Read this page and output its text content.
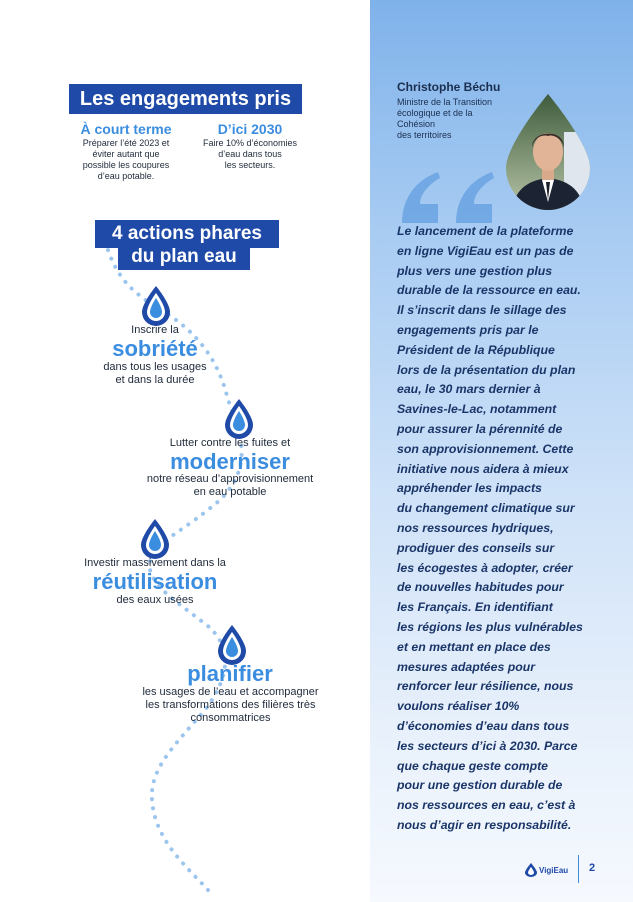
Les engagements pris
À court terme
Préparer l’été 2023 et
éviter autant que
possible les coupures
d’eau potable.
D’ici 2030
Faire 10% d’économies
d’eau dans tous
les secteurs.
4 actions phares
du plan eau
Inscrire la
sobriété
dans tous les usages
et dans la durée
Lutter contre les fuites et
moderniser
notre réseau d’approvisionnement
en eau potable
Investir massivement dans la
réutilisation
des eaux usées
planifier
les usages de l’eau et accompagner
les transformations des filières très
consommatrices
Christophe Béchu
Ministre de la Transition
écologique et de la
Cohésion
des territoires
Le lancement de la plateforme
en ligne VigiEau est un pas de
plus vers une gestion plus
durable de la ressource en eau.
Il s’inscrit dans le sillage des
engagements pris par le
Président de la République
lors de la présentation du plan
eau, le 30 mars dernier à
Savines-le-Lac, notamment
pour assurer la pérennité de
son approvisionnement. Cette
initiative nous aidera à mieux
appréhender les impacts
du changement climatique sur
nos ressources hydriques,
prodiguer des conseils sur
les écogestes à adopter, créer
de nouvelles habitudes pour
les Français. En identifiant
les régions les plus vulnérables
et en mettant en place des
mesures adaptées pour
renforcer leur résilience, nous
voulons réaliser 10%
d’économies d’eau dans tous
les secteurs d’ici à 2030. Parce
que chaque geste compte
pour une gestion durable de
nos ressources en eau, c’est à
nous d’agir en responsabilité.
VigiEau 2
